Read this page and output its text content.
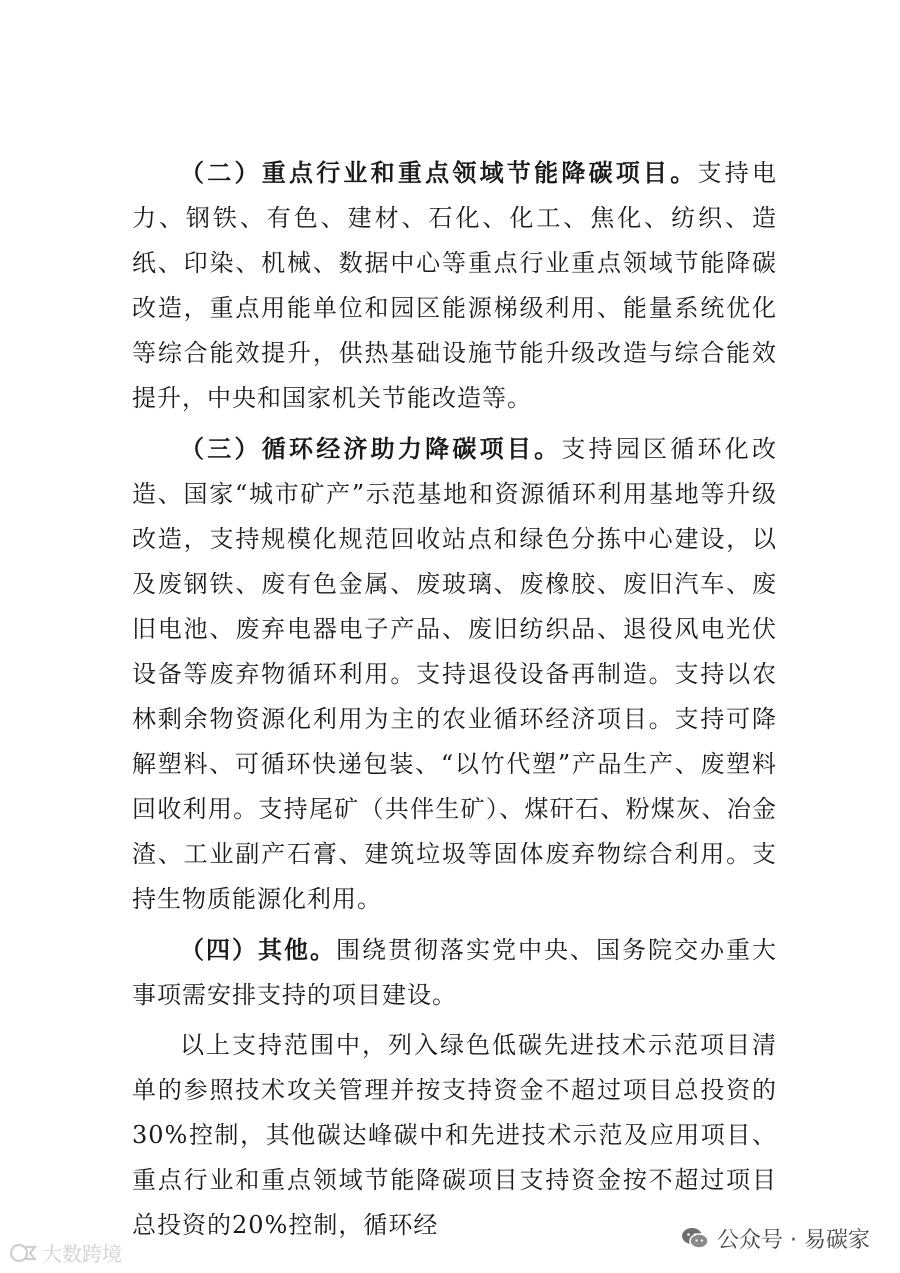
（二）重点行业和重点领域节能降碳项目。支持电力、钢铁、有色、建材、石化、化工、焦化、纺织、造纸、印染、机械、数据中心等重点行业重点领域节能降碳改造，重点用能单位和园区能源梯级利用、能量系统优化等综合能效提升，供热基础设施节能升级改造与综合能效提升，中央和国家机关节能改造等。

（三）循环经济助力降碳项目。支持园区循环化改造、国家“城市矿产”示范基地和资源循环利用基地等升级改造，支持规模化规范回收站点和绿色分拣中心建设，以及废钢铁、废有色金属、废玻璃、废橡胶、废旧汽车、废旧电池、废弃电器电子产品、废旧纺织品、退役风电光伏设备等废弃物循环利用。支持退役设备再制造。支持以农林剩余物资源化利用为主的农业循环经济项目。支持可降解塑料、可循环快递包装、“以竹代塑”产品生产、废塑料回收利用。支持尾矿（共伴生矿）、煤矸石、粉煤灰、冶金渣、工业副产石膏、建筑垃圾等固体废弃物综合利用。支持生物质能源化利用。

（四）其他。围绕贯彻落实党中央、国务院交办重大事项需安排支持的项目建设。

以上支持范围中，列入绿色低碳先进技术示范项目清单的参照技术攻关管理并按支持资金不超过项目总投资的30%控制，其他碳达峰碳中和先进技术示范及应用项目、重点行业和重点领域节能降碳项目支持资金按不超过项目总投资的20%控制，循环经

公众号 · 易碳家
大数跨境
